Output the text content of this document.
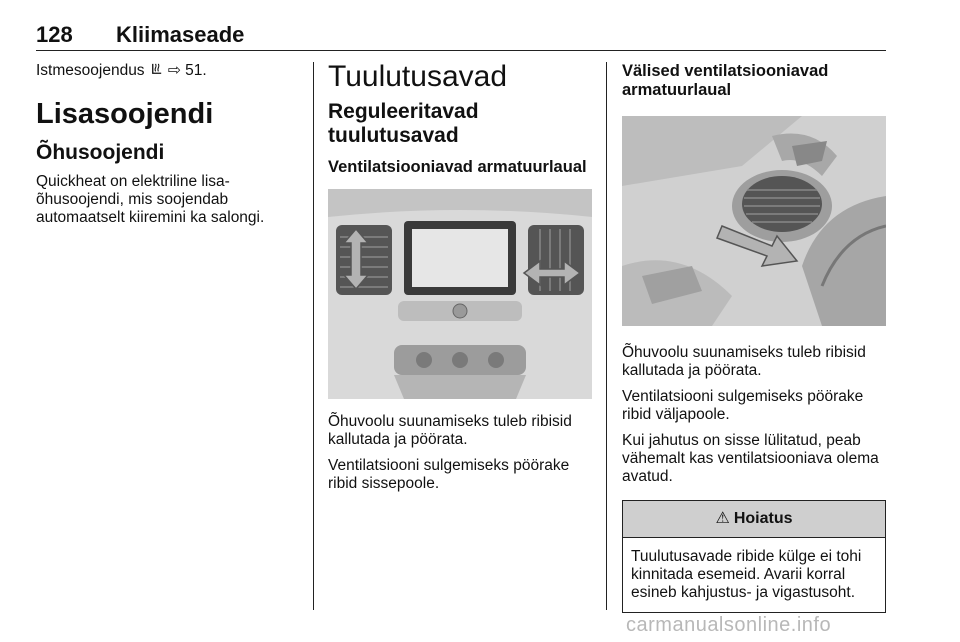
128 Kliimaseade

Istmesoojendus ⇨ 51.

Lisasoojendi
Õhusoojendi

Quickheat on elektriline lisa-
õhusoojendi, mis soojendab
automaatselt kiiremini ka salongi.

Tuulutusavad
Reguleeritavad
tuulutusavad
Ventilatsiooniavad armatuurlaual

Õhuvoolu suunamiseks tuleb ribisid
kallutada ja pöörata.

Ventilatsiooni sulgemiseks pöörake
ribid sissepoole.

Välised ventilatsiooniavad
armatuurlaual

Õhuvoolu suunamiseks tuleb ribisid
kallutada ja pöörata.

Ventilatsiooni sulgemiseks pöörake
ribid väljapoole.

Kui jahutus on sisse lülitatud, peab
vähemalt kas ventilatsiooniava olema
avatud.

⚠ Hoiatus

Tuulutusavade ribide külge ei tohi
kinnitada esemeid. Avarii korral
esineb kahjustus- ja vigastusoht.

carmanualsonline.info
